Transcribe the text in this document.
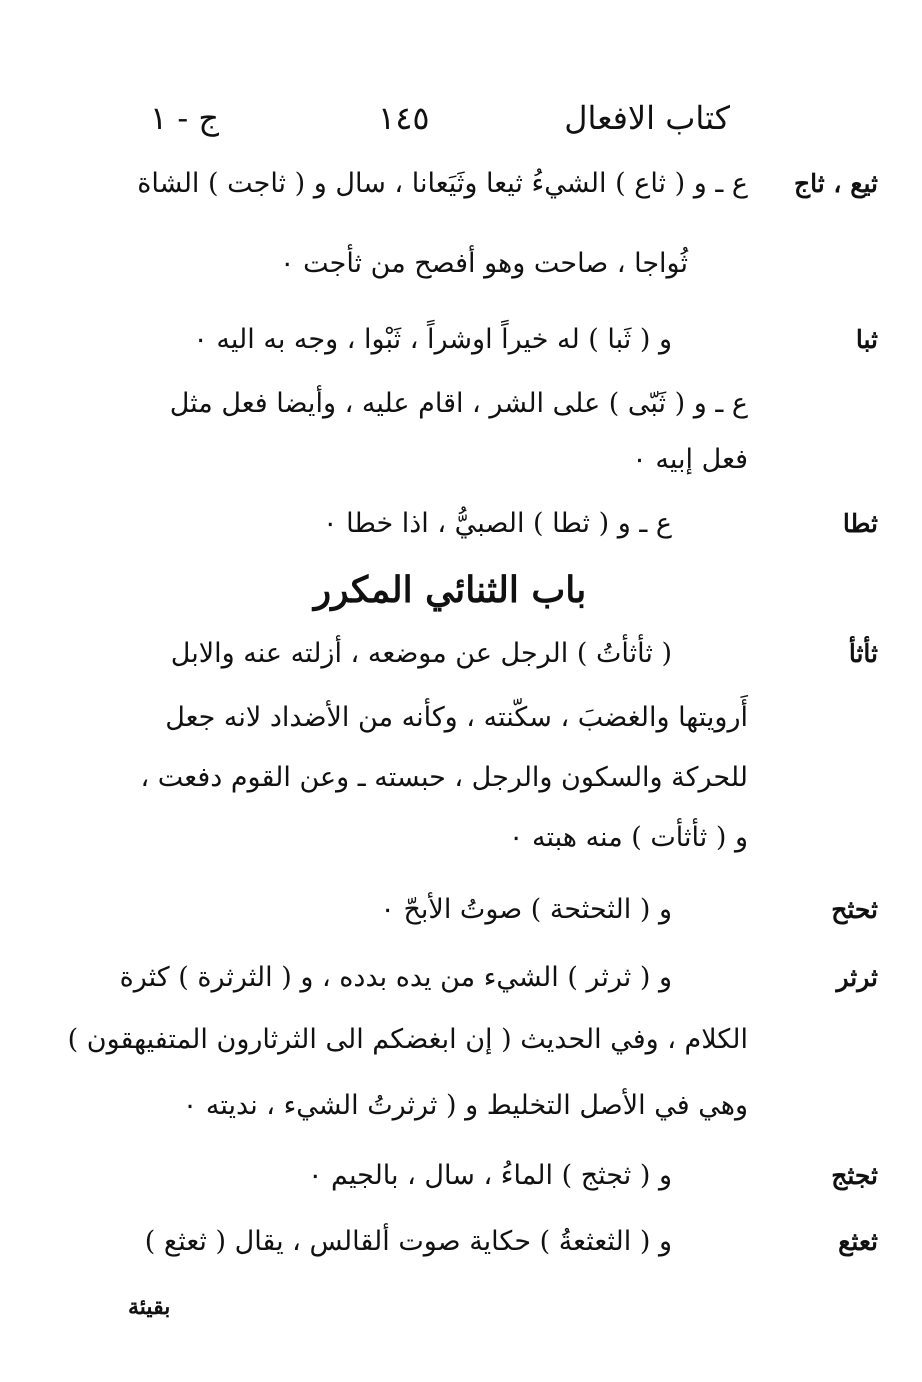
كتاب الافعال
١٤٥
ج - ١
ثيع ، ثاج
ع ـ و ( ثاع ) الشيءُ ثيعا وثَيَعانا ، سال و ( ثاجت ) الشاة
ثُواجا ، صاحت وهو أفصح من ثأجت ٠
ثبا
و ( ثَبا ) له خيراً اوشراً ، ثَبْوا ، وجه به اليه ٠
ع ـ و ( ثَبّى ) على الشر ، اقام عليه ، وأيضا فعل مثل
فعل إبيه ٠
ثطا
ع ـ و ( ثطا ) الصبيُّ ، اذا خطا ٠
باب الثنائي المكرر
ثأثأ
( ثأثأتُ ) الرجل عن موضعه ، أزلته عنه والابل
أَرويتها والغضبَ ، سكّنته ، وكأنه من الأضداد لانه جعل
للحركة والسكون والرجل ، حبسته ـ وعن القوم دفعت ،
و ( ثأثأت ) منه هبته ٠
ثحثح
و ( الثحثحة ) صوتُ الأبحّ ٠
ثرثر
و ( ثرثر ) الشيء من يده بدده ، و ( الثرثرة ) كثرة
الكلام ، وفي الحديث ( إن ابغضكم الى الثرثارون المتفيهقون )
وهي في الأصل التخليط و ( ثرثرتُ الشيء ، نديته ٠
ثجثج
و ( ثجثج ) الماءُ ، سال ، بالجيم ٠
ثعثع
و ( الثعثعةُ ) حكاية صوت ألقالس ، يقال ( ثعثع )
بقيئة
